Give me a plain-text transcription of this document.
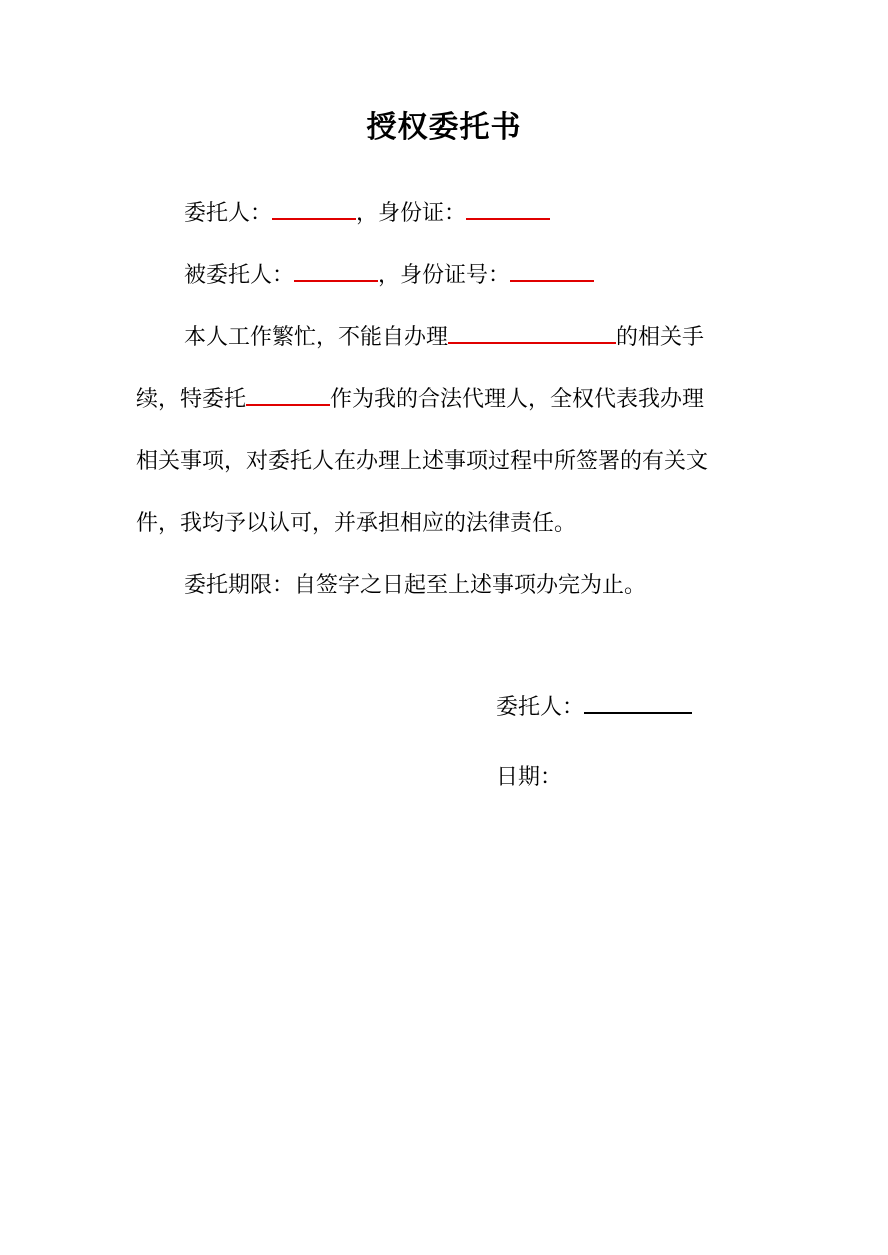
授权委托书
委托人：	，身份证：
被委托人：	，身份证号：
本人工作繁忙，不能自办理	的相关手
续，特委托	作为我的合法代理人，全权代表我办理
相关事项，对委托人在办理上述事项过程中所签署的有关文
件，我均予以认可，并承担相应的法律责任。
委托期限：自签字之日起至上述事项办完为止。
委托人：
日期：
